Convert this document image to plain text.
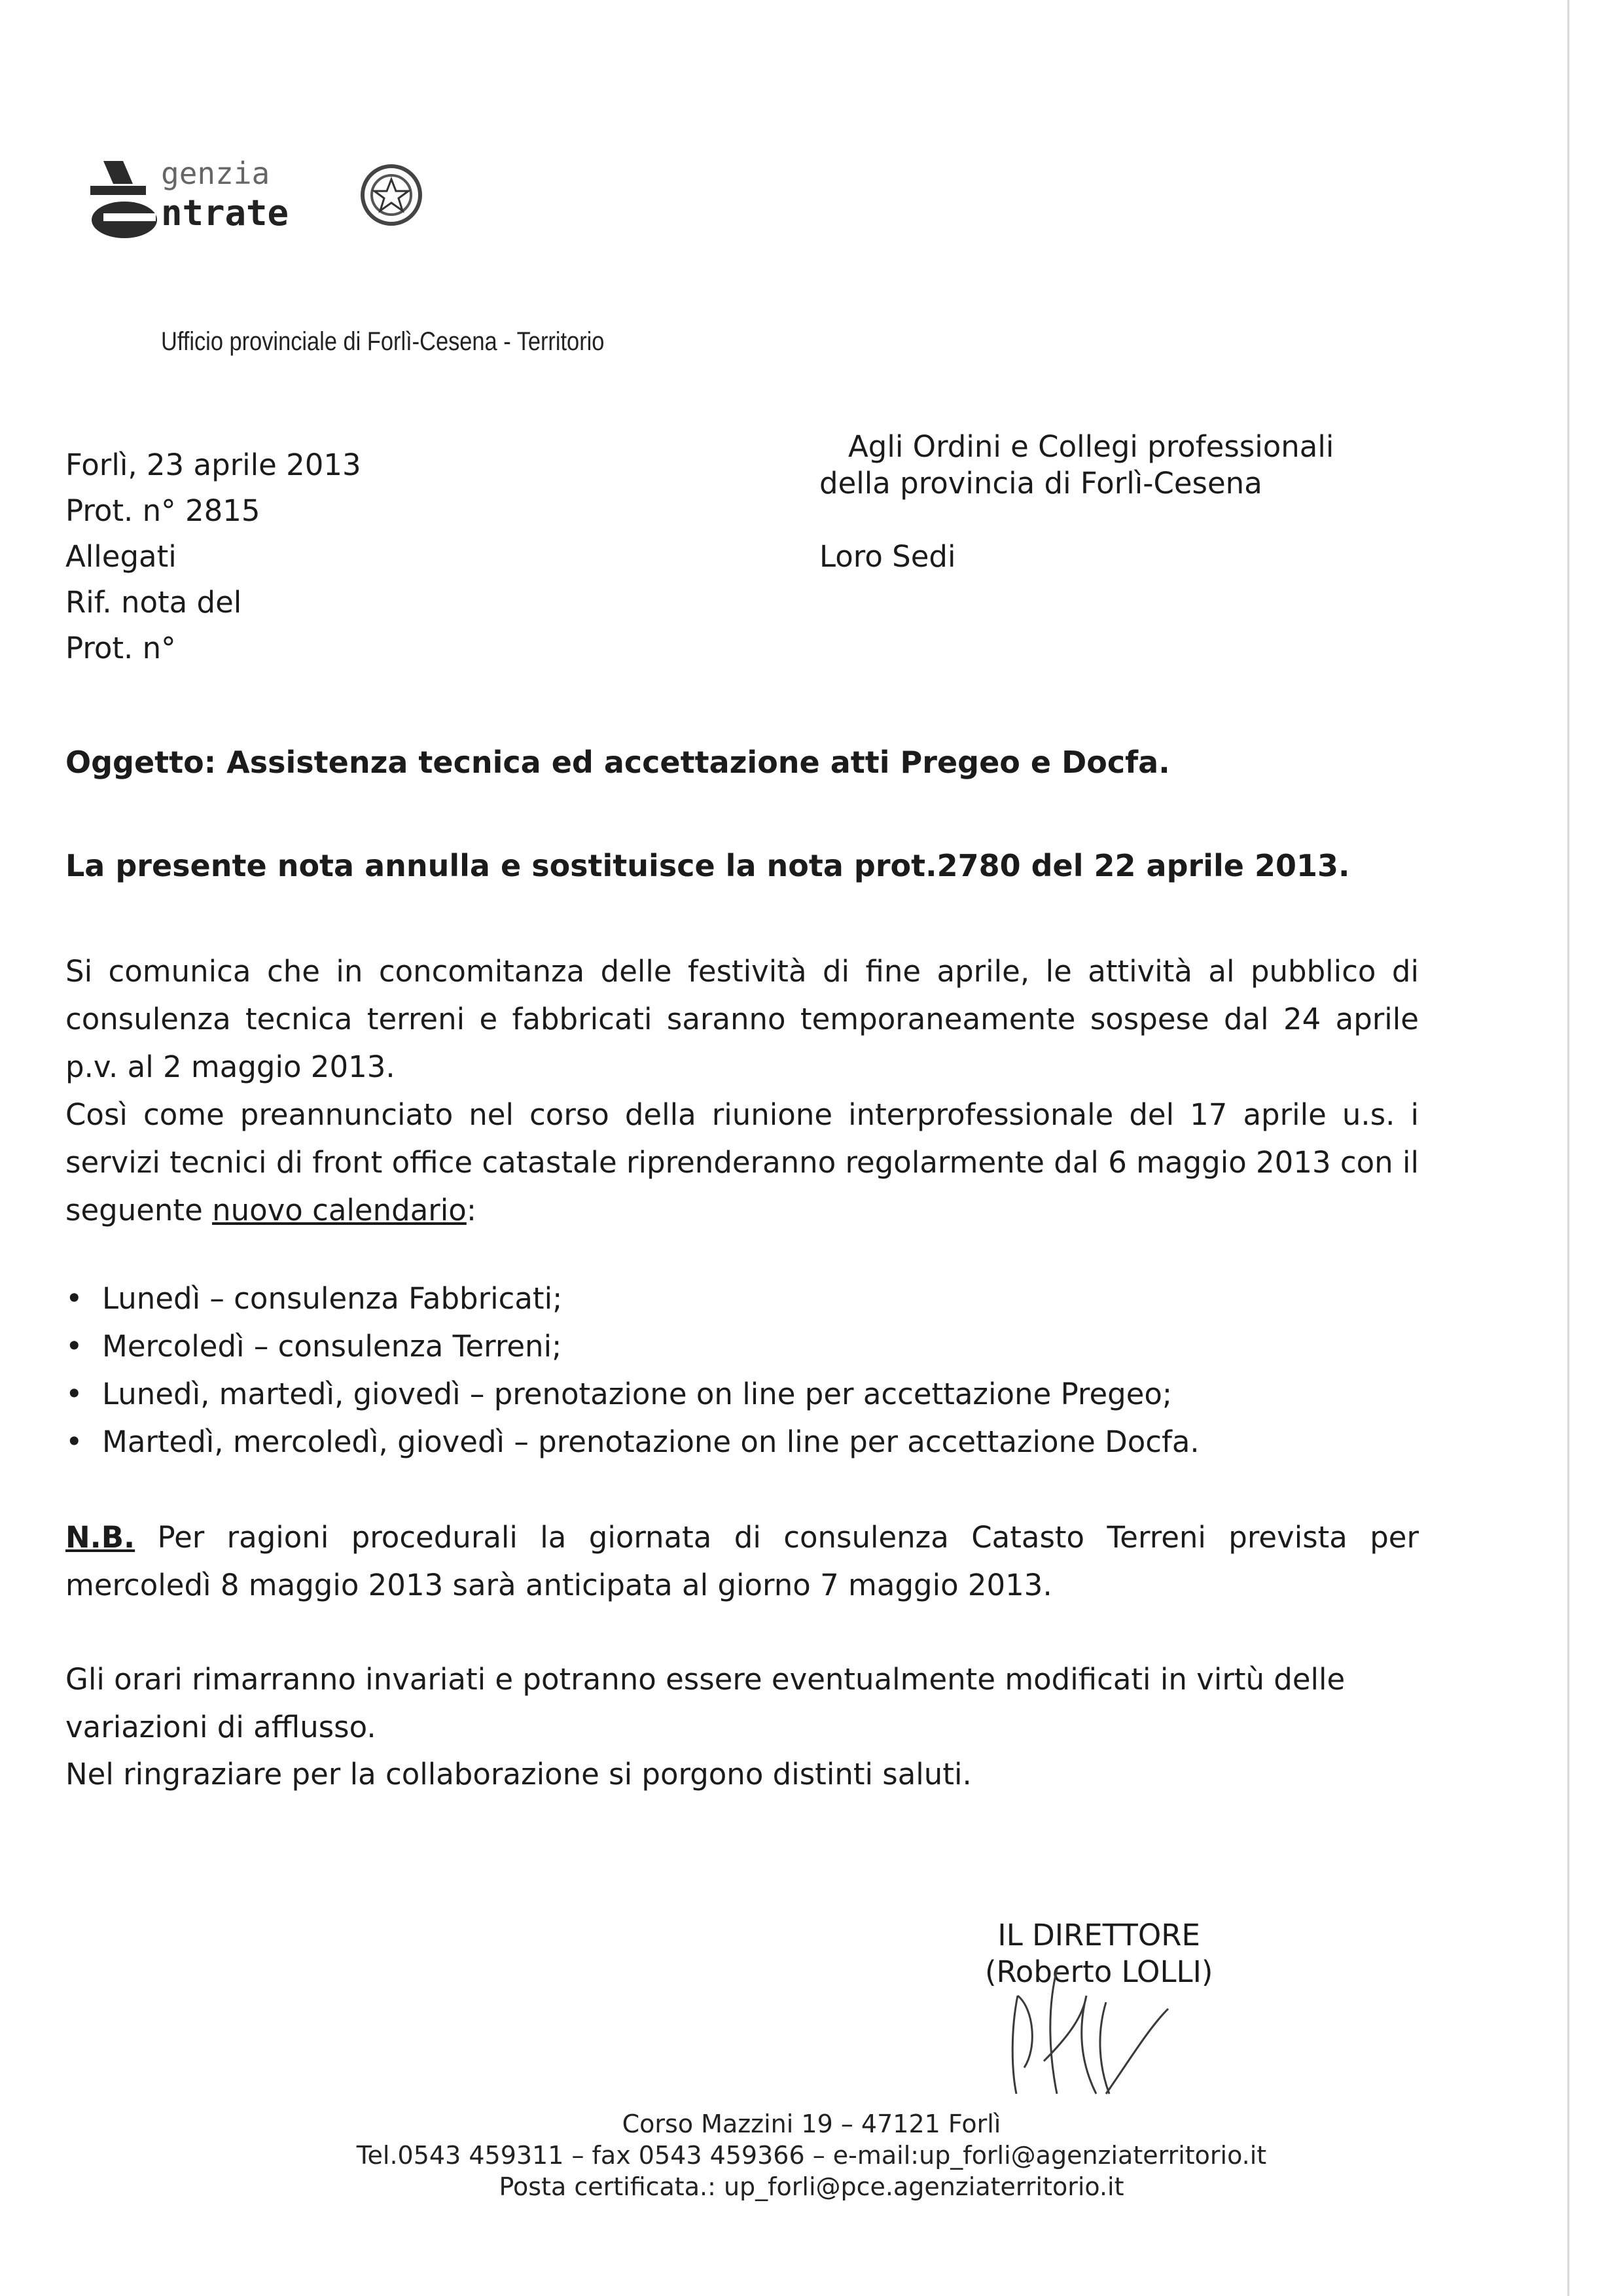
genzia
ntrate
Ufficio provinciale di Forlì-Cesena - Territorio
Forlì, 23 aprile 2013
Prot. n° 2815
Allegati
Rif. nota del
Prot. n°
Agli Ordini e Collegi professionali
della provincia di Forlì-Cesena
Loro Sedi
Oggetto: Assistenza tecnica ed accettazione atti Pregeo e Docfa.
La presente nota annulla e sostituisce la nota prot.2780 del 22 aprile 2013.
Si comunica che in concomitanza delle festività di fine aprile, le attività al pubblico di consulenza tecnica terreni e fabbricati saranno temporaneamente sospese dal 24 aprile p.v. al 2 maggio 2013.
Così come preannunciato nel corso della riunione interprofessionale del 17 aprile u.s. i servizi tecnici di front office catastale riprenderanno regolarmente dal 6 maggio 2013 con il seguente nuovo calendario:
• Lunedì – consulenza Fabbricati;
• Mercoledì – consulenza Terreni;
• Lunedì, martedì, giovedì – prenotazione on line per accettazione Pregeo;
• Martedì, mercoledì, giovedì – prenotazione on line per accettazione Docfa.
N.B. Per ragioni procedurali la giornata di consulenza Catasto Terreni prevista per mercoledì 8 maggio 2013 sarà anticipata al giorno 7 maggio 2013.
Gli orari rimarranno invariati e potranno essere eventualmente modificati in virtù delle variazioni di afflusso.
Nel ringraziare per la collaborazione si porgono distinti saluti.
IL DIRETTORE
(Roberto LOLLI)
Corso Mazzini 19 – 47121 Forlì
Tel.0543 459311 – fax 0543 459366 – e-mail:up_forli@agenziaterritorio.it
Posta certificata.: up_forli@pce.agenziaterritorio.it
